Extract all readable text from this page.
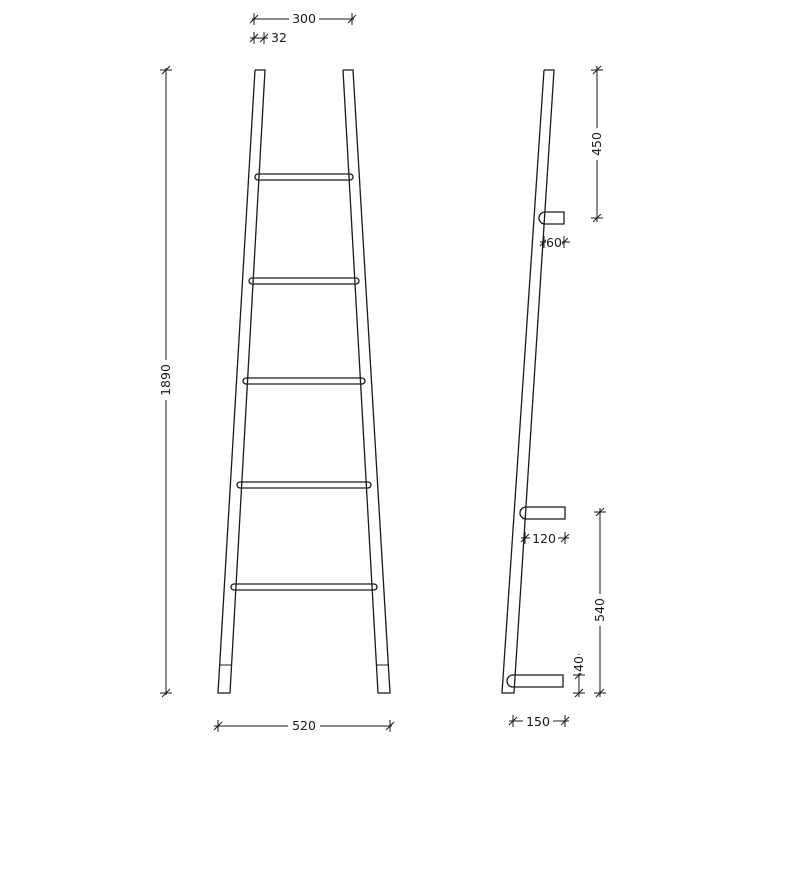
300
32
1890
520
450
60
120
540
40
150
